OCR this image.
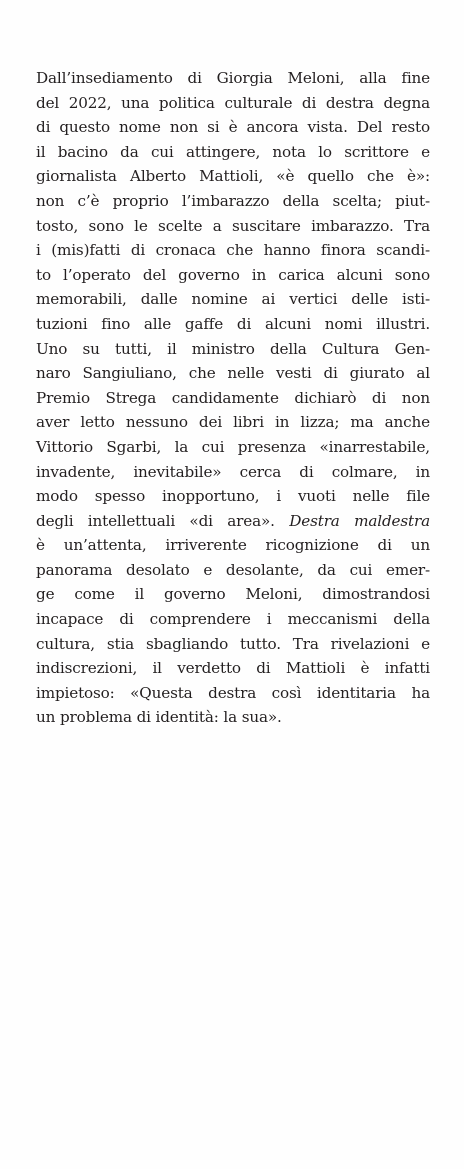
Dall’insediamento di Giorgia Meloni, alla fine
del 2022, una politica culturale di destra degna
di questo nome non si è ancora vista. Del resto
il bacino da cui attingere, nota lo scrittore e
giornalista Alberto Mattioli, «è quello che è»:
non c’è proprio l’imbarazzo della scelta; piut-
tosto, sono le scelte a suscitare imbarazzo. Tra
i (mis)fatti di cronaca che hanno finora scandi-
to l’operato del governo in carica alcuni sono
memorabili, dalle nomine ai vertici delle isti-
tuzioni fino alle gaffe di alcuni nomi illustri.
Uno su tutti, il ministro della Cultura Gen-
naro Sangiuliano, che nelle vesti di giurato al
Premio Strega candidamente dichiarò di non
aver letto nessuno dei libri in lizza; ma anche
Vittorio Sgarbi, la cui presenza «inarrestabile,
invadente, inevitabile» cerca di colmare, in
modo spesso inopportuno, i vuoti nelle file
degli intellettuali «di area». Destra maldestra
è un’attenta, irriverente ricognizione di un
panorama desolato e desolante, da cui emer-
ge come il governo Meloni, dimostrandosi
incapace di comprendere i meccanismi della
cultura, stia sbagliando tutto. Tra rivelazioni e
indiscrezioni, il verdetto di Mattioli è infatti
impietoso: «Questa destra così identitaria ha
un problema di identità: la sua».
